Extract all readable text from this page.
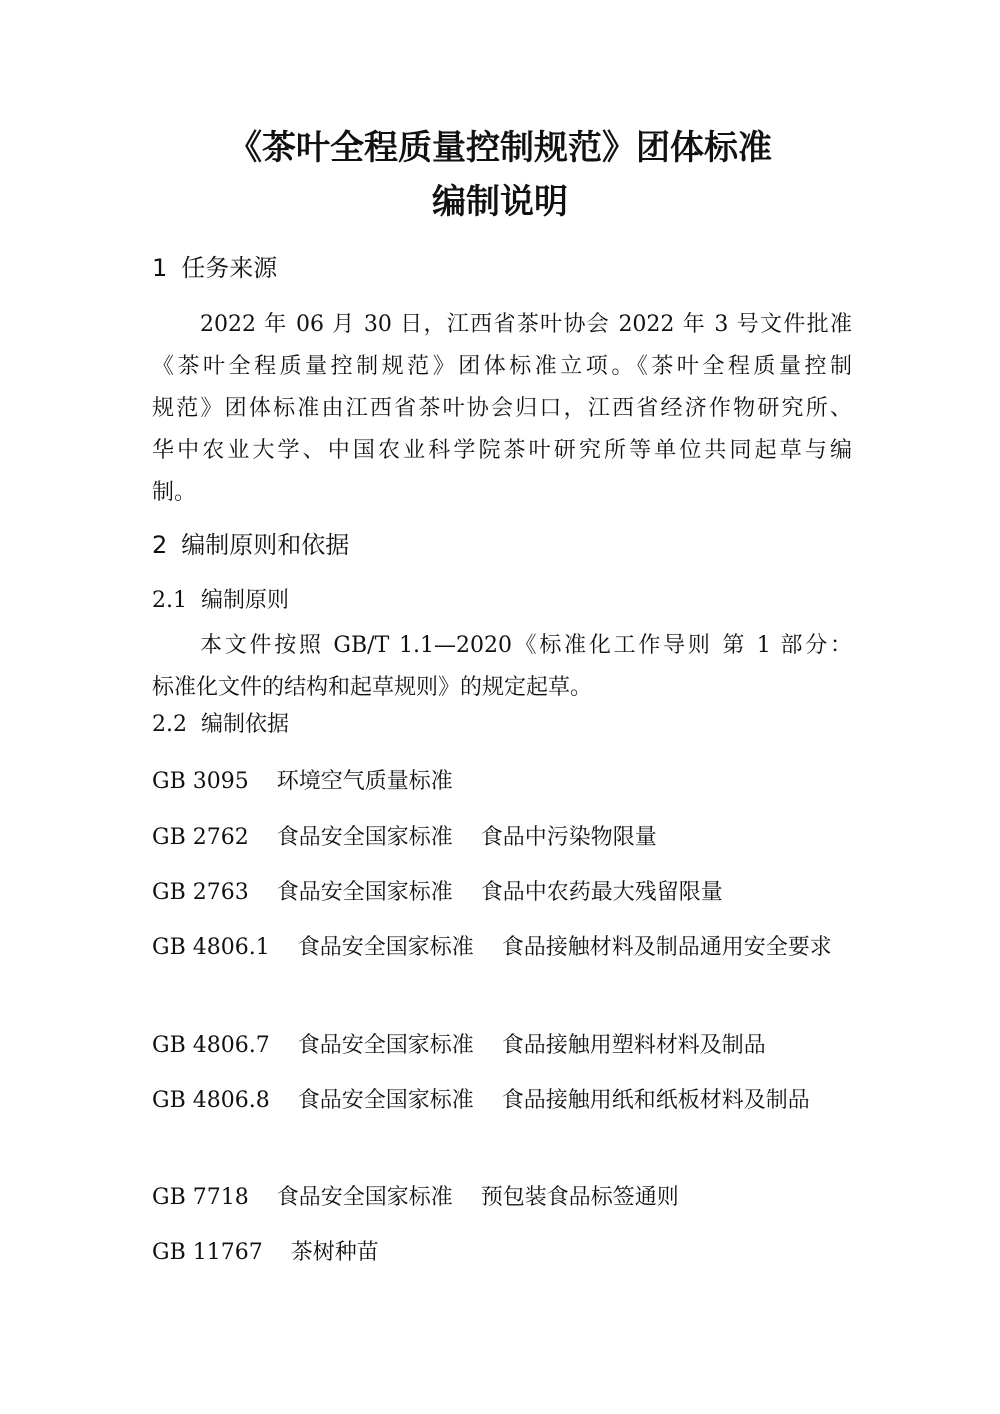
《茶叶全程质量控制规范》团体标准
编制说明
1 任务来源
2022 年 06 月 30 日，江西省茶叶协会 2022 年 3 号文件批准
《茶叶全程质量控制规范》团体标准立项。《茶叶全程质量控制
规范》团体标准由江西省茶叶协会归口，江西省经济作物研究所、
华中农业大学、中国农业科学院茶叶研究所等单位共同起草与编
制。
2 编制原则和依据
2.1 编制原则
本文件按照 GB/T 1.1—2020《标准化工作导则 第 1 部分：
标准化文件的结构和起草规则》的规定起草。
2.2 编制依据
GB 3095 环境空气质量标准
GB 2762 食品安全国家标准 食品中污染物限量
GB 2763 食品安全国家标准 食品中农药最大残留限量
GB 4806.1 食品安全国家标准 食品接触材料及制品通用安全要求
GB 4806.7 食品安全国家标准 食品接触用塑料材料及制品
GB 4806.8 食品安全国家标准 食品接触用纸和纸板材料及制品
GB 7718 食品安全国家标准 预包装食品标签通则
GB 11767 茶树种苗
